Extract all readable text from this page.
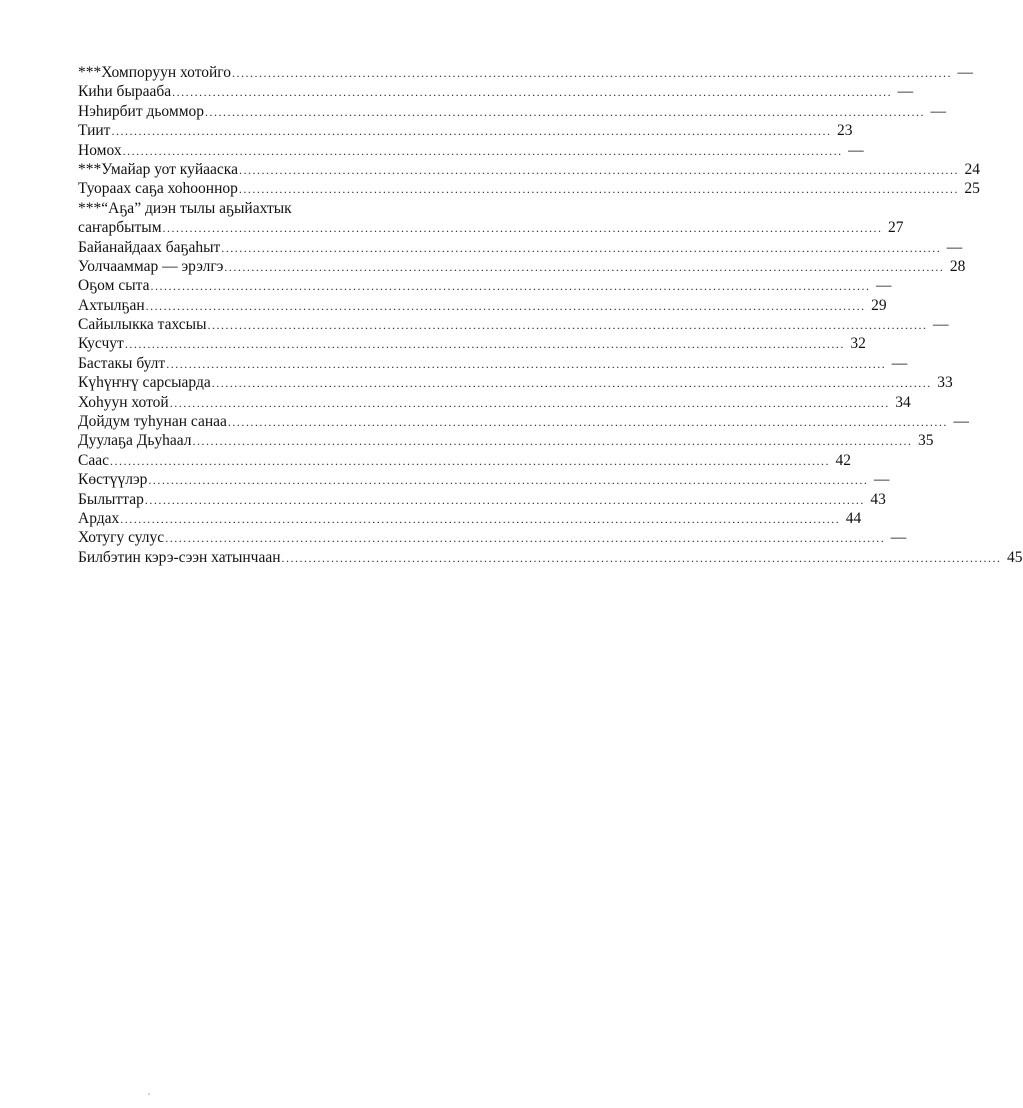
***Хомпоруун хотойго ................................................................................................................................................................ —
Киһи бырааба ................................................................................................................................................................ —
Нэһирбит дьоммор ................................................................................................................................................................ —
Тиит ................................................................................................................................................................ 23
Номох ................................................................................................................................................................ —
***Умайар уот куйааска ................................................................................................................................................................ 24
Туораах саҕа хоһооннор ................................................................................................................................................................ 25
***“Аҕа” диэн тылы аҕыйахтык
саҥарбытым ................................................................................................................................................................ 27
Байанайдаах баҕаһыт ................................................................................................................................................................ —
Уолчааммар — эрэлгэ ................................................................................................................................................................ 28
Оҕом сыта ................................................................................................................................................................ —
Ахтылҕан ................................................................................................................................................................ 29
Сайылыкка тахсыы ................................................................................................................................................................ —
Кусчут ................................................................................................................................................................ 32
Бастакы булт ................................................................................................................................................................ —
Күһүҥҥү сарсыарда ................................................................................................................................................................ 33
Хоһуун хотой ................................................................................................................................................................ 34
Дойдум туһунан санаа ................................................................................................................................................................ —
Дуулаҕа Дьуһаал ................................................................................................................................................................ 35
Саас ................................................................................................................................................................ 42
Көстүүлэр ................................................................................................................................................................ —
Былыттар ................................................................................................................................................................ 43
Ардах ................................................................................................................................................................ 44
Хотугу сулус ................................................................................................................................................................ —
Билбэтин кэрэ-сээн хатынчаан ................................................................................................................................................................ 45
